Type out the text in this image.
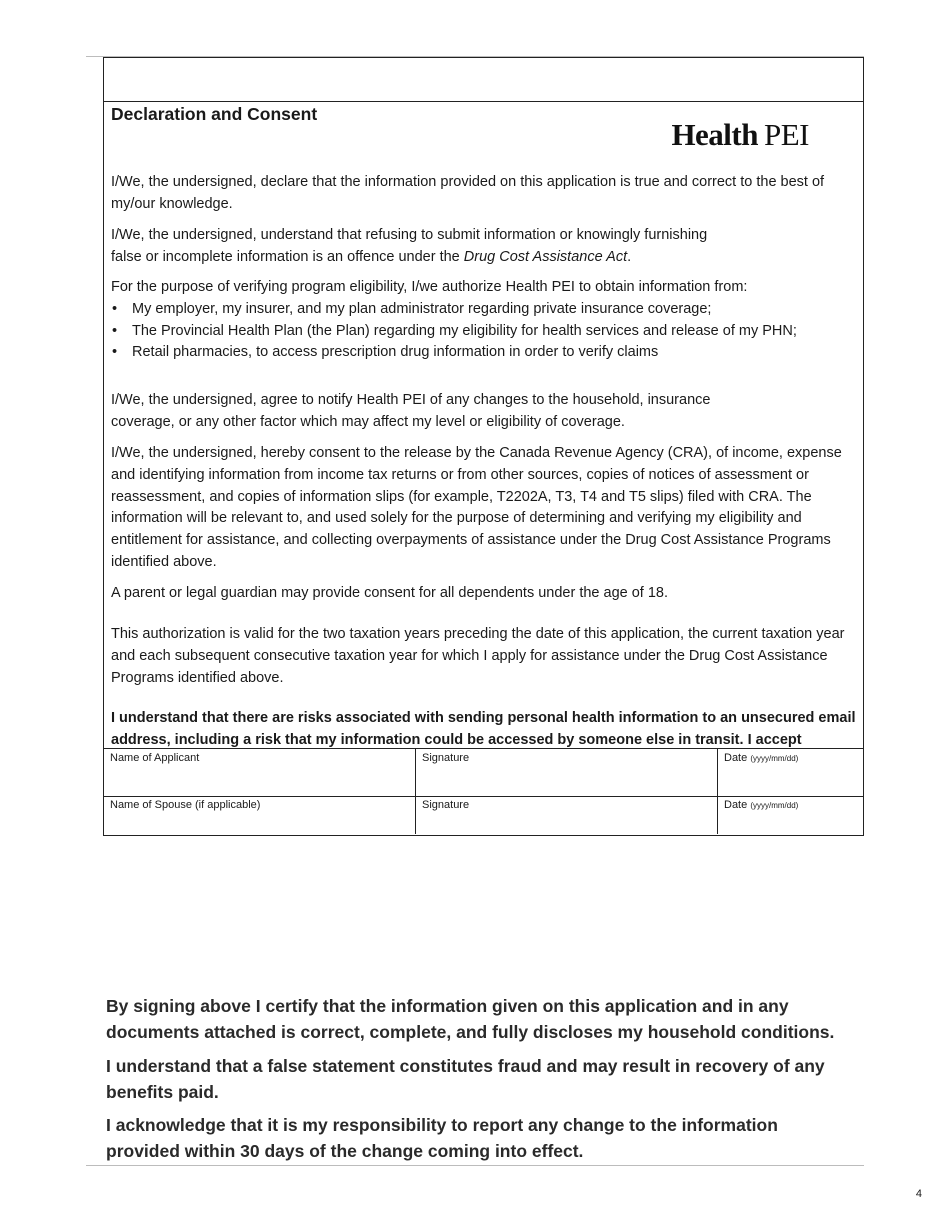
Declaration and Consent
Health PEI
I/We, the undersigned, declare that the information provided on this application is true and correct to the best of my/our knowledge.
I/We, the undersigned, understand that refusing to submit information or knowingly furnishing false or incomplete information is an offence under the Drug Cost Assistance Act.
For the purpose of verifying program eligibility, I/we authorize Health PEI to obtain information from:
• My employer, my insurer, and my plan administrator regarding private insurance coverage;
• The Provincial Health Plan (the Plan) regarding my eligibility for health services and release of my PHN;
• Retail pharmacies, to access prescription drug information in order to verify claims
I/We, the undersigned, agree to notify Health PEI of any changes to the household, insurance coverage, or any other factor which may affect my level or eligibility of coverage.
I/We, the undersigned, hereby consent to the release by the Canada Revenue Agency (CRA), of income, expense and identifying information from income tax returns or from other sources, copies of notices of assessment or reassessment, and copies of information slips (for example, T2202A, T3, T4 and T5 slips) filed with CRA. The information will be relevant to, and used solely for the purpose of determining and verifying my eligibility and entitlement for assistance, and collecting overpayments of assistance under the Drug Cost Assistance Programs identified above.
A parent or legal guardian may provide consent for all dependents under the age of 18.
This authorization is valid for the two taxation years preceding the date of this application, the current taxation year and each subsequent consecutive taxation year for which I apply for assistance under the Drug Cost Assistance Programs identified above.
I understand that there are risks associated with sending personal health information to an unsecured email address, including a risk that my information could be accessed by someone else in transit. I accept
Name of Applicant	Signature	Date (yyyy/mm/dd)
Name of Spouse (if applicable)	Signature	Date (yyyy/mm/dd)
By signing above I certify that the information given on this application and in any documents attached is correct, complete, and fully discloses my household conditions.
I understand that a false statement constitutes fraud and may result in recovery of any benefits paid.
I acknowledge that it is my responsibility to report any change to the information provided within 30 days of the change coming into effect.
4
